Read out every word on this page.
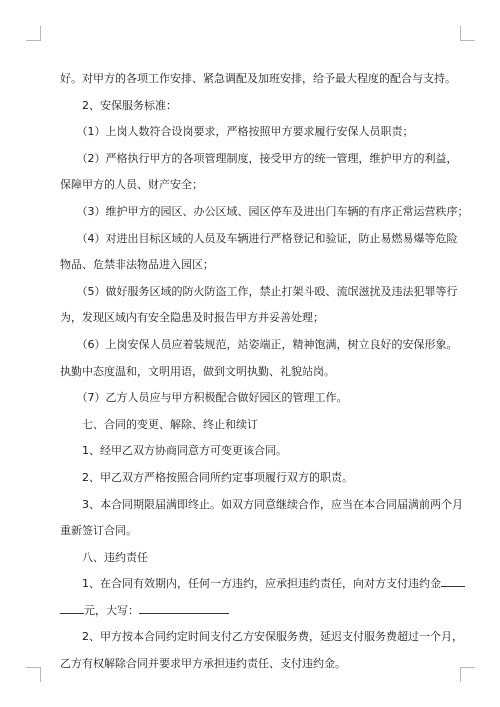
好。对甲方的各项工作安排、紧急调配及加班安排，给予最大程度的配合与支持。

　　2、安保服务标准：

　　（1）上岗人数符合设岗要求，严格按照甲方要求履行安保人员职责；

　　（2）严格执行甲方的各项管理制度，接受甲方的统一管理，维护甲方的利益，
保障甲方的人员、财产安全；

　　（3）维护甲方的园区、办公区域、园区停车及进出门车辆的有序正常运营秩序；

　　（4）对进出目标区域的人员及车辆进行严格登记和验证，防止易燃易爆等危险
物品、危禁非法物品进入园区；

　　（5）做好服务区域的防火防盗工作，禁止打架斗殴、流氓滋扰及违法犯罪等行
为，发现区域内有安全隐患及时报告甲方并妥善处理；

　　（6）上岗安保人员应着装规范，站姿端正，精神饱满，树立良好的安保形象。
执勤中态度温和，文明用语，做到文明执勤、礼貌站岗。

　　（7）乙方人员应与甲方积极配合做好园区的管理工作。

　　七、合同的变更、解除、终止和续订

　　1、经甲乙双方协商同意方可变更该合同。

　　2、甲乙双方严格按照合同所约定事项履行双方的职责。

　　3、本合同期限届满即终止。如双方同意继续合作，应当在本合同届满前两个月
重新签订合同。

　　八、违约责任

　　1、在合同有效期内，任何一方违约，应承担违约责任，向对方支付违约金
元，大写：

　　2、甲方按本合同约定时间支付乙方安保服务费，延迟支付服务费超过一个月，
乙方有权解除合同并要求甲方承担违约责任、支付违约金。
